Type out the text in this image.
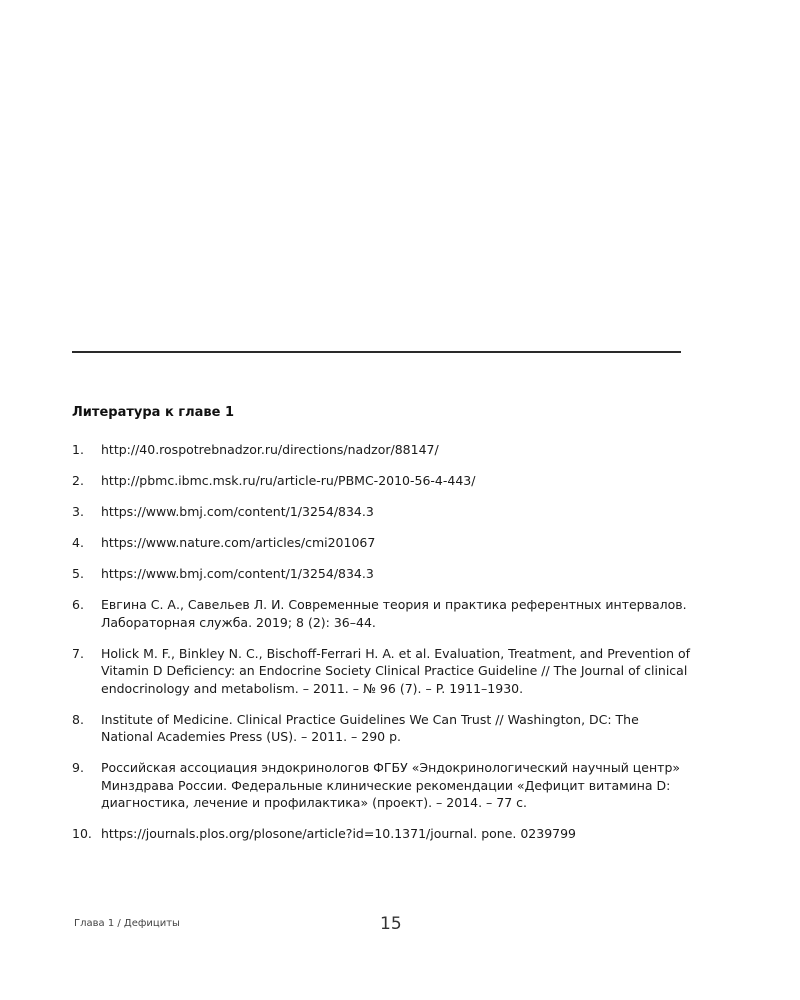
Литература к главе 1
1.	http://40.rospotrebnadzor.ru/directions/nadzor/88147/
2.	http://pbmc.ibmc.msk.ru/ru/article-ru/PBMC-2010-56-4-443/
3.	https://www.bmj.com/content/1/3254/834.3
4.	https://www.nature.com/articles/cmi201067
5.	https://www.bmj.com/content/1/3254/834.3
6.	Евгина С. А., Савельев Л. И. Современные теория и практика референтных интервалов. Лабораторная служба. 2019; 8 (2): 36–44.
7.	Holick M. F., Binkley N. C., Bischoff-Ferrari H. A. et al. Evaluation, Treatment, and Prevention of Vitamin D Deficiency: an Endocrine Society Clinical Practice Guideline // The Journal of clinical endocrinology and metabolism. – 2011. – № 96 (7). – P. 1911–1930.
8.	Institute of Medicine. Clinical Practice Guidelines We Can Trust // Washington, DC: The National Academies Press (US). – 2011. – 290 p.
9.	Российская ассоциация эндокринологов ФГБУ «Эндокринологический научный центр» Минздрава России. Федеральные клинические рекомендации «Дефицит витамина D: диагностика, лечение и профилактика» (проект). – 2014. – 77 с.
10. https://journals.plos.org/plosone/article?id=10.1371/journal. pone. 0239799
Глава 1 / Дефициты	15
